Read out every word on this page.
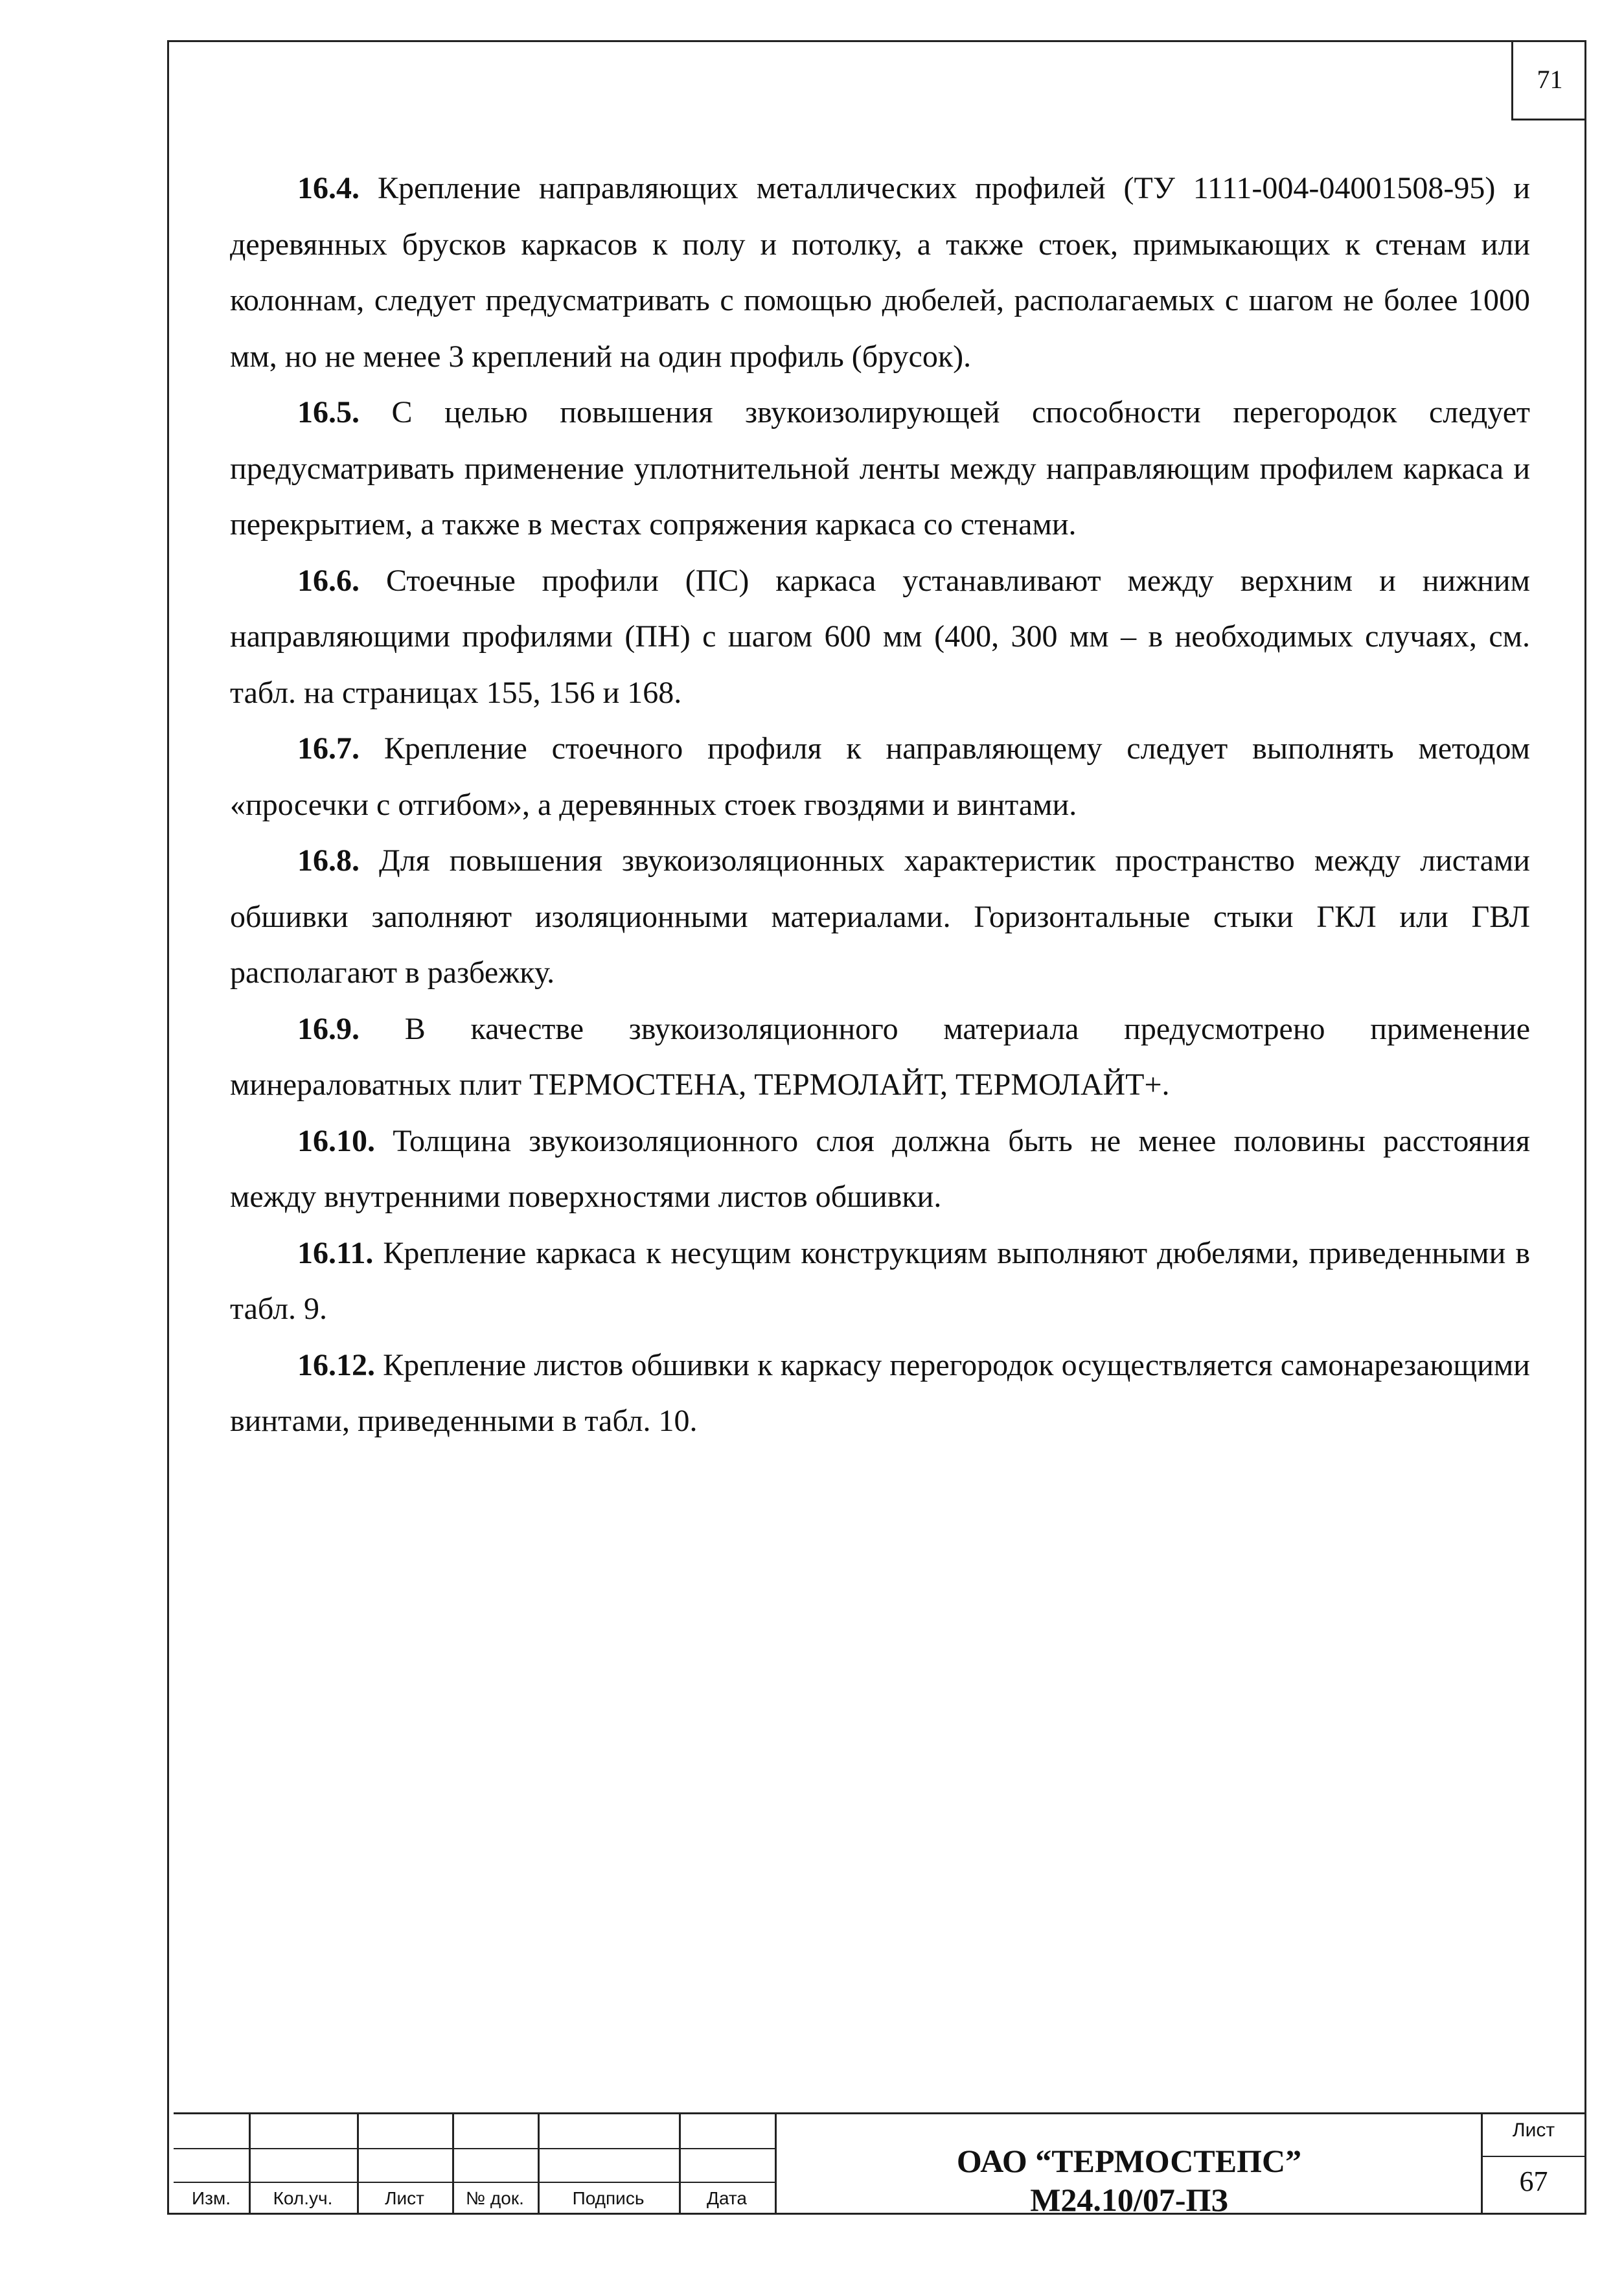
71

16.4. Крепление направляющих металлических профилей (ТУ 1111-004-04001508-95) и деревянных брусков каркасов к полу и потолку, а также стоек, примыкающих к стенам или колоннам, следует предусматривать с помощью дюбелей, располагаемых с шагом не более 1000 мм, но не менее 3 креплений на один профиль (брусок).

16.5. С целью повышения звукоизолирующей способности перегородок следует предусматривать применение уплотнительной ленты между направляющим профилем каркаса и перекрытием, а также в местах сопряжения каркаса со стенами.

16.6. Стоечные профили (ПС) каркаса устанавливают между верхним и нижним направляющими профилями (ПН) с шагом 600 мм (400, 300 мм – в необходимых случаях, см. табл. на страницах 155, 156 и 168.

16.7. Крепление стоечного профиля к направляющему следует выполнять методом «просечки с отгибом», а деревянных стоек гвоздями и винтами.

16.8. Для повышения звукоизоляционных характеристик пространство между листами обшивки заполняют изоляционными материалами. Горизонтальные стыки ГКЛ или ГВЛ располагают в разбежку.

16.9. В качестве звукоизоляционного материала предусмотрено применение минераловатных плит ТЕРМОСТЕНА, ТЕРМОЛАЙТ, ТЕРМОЛАЙТ+.

16.10. Толщина звукоизоляционного слоя должна быть не менее половины расстояния между внутренними поверхностями листов обшивки.

16.11. Крепление каркаса к несущим конструкциям выполняют дюбелями, приведенными в табл. 9.

16.12. Крепление листов обшивки к каркасу перегородок осуществляется самонарезающими винтами, приведенными в табл. 10.

Изм.	Кол.уч.	Лист	№ док.	Подпись	Дата
ОАО “ТЕРМОСТЕПС”
М24.10/07-ПЗ
Лист
67
